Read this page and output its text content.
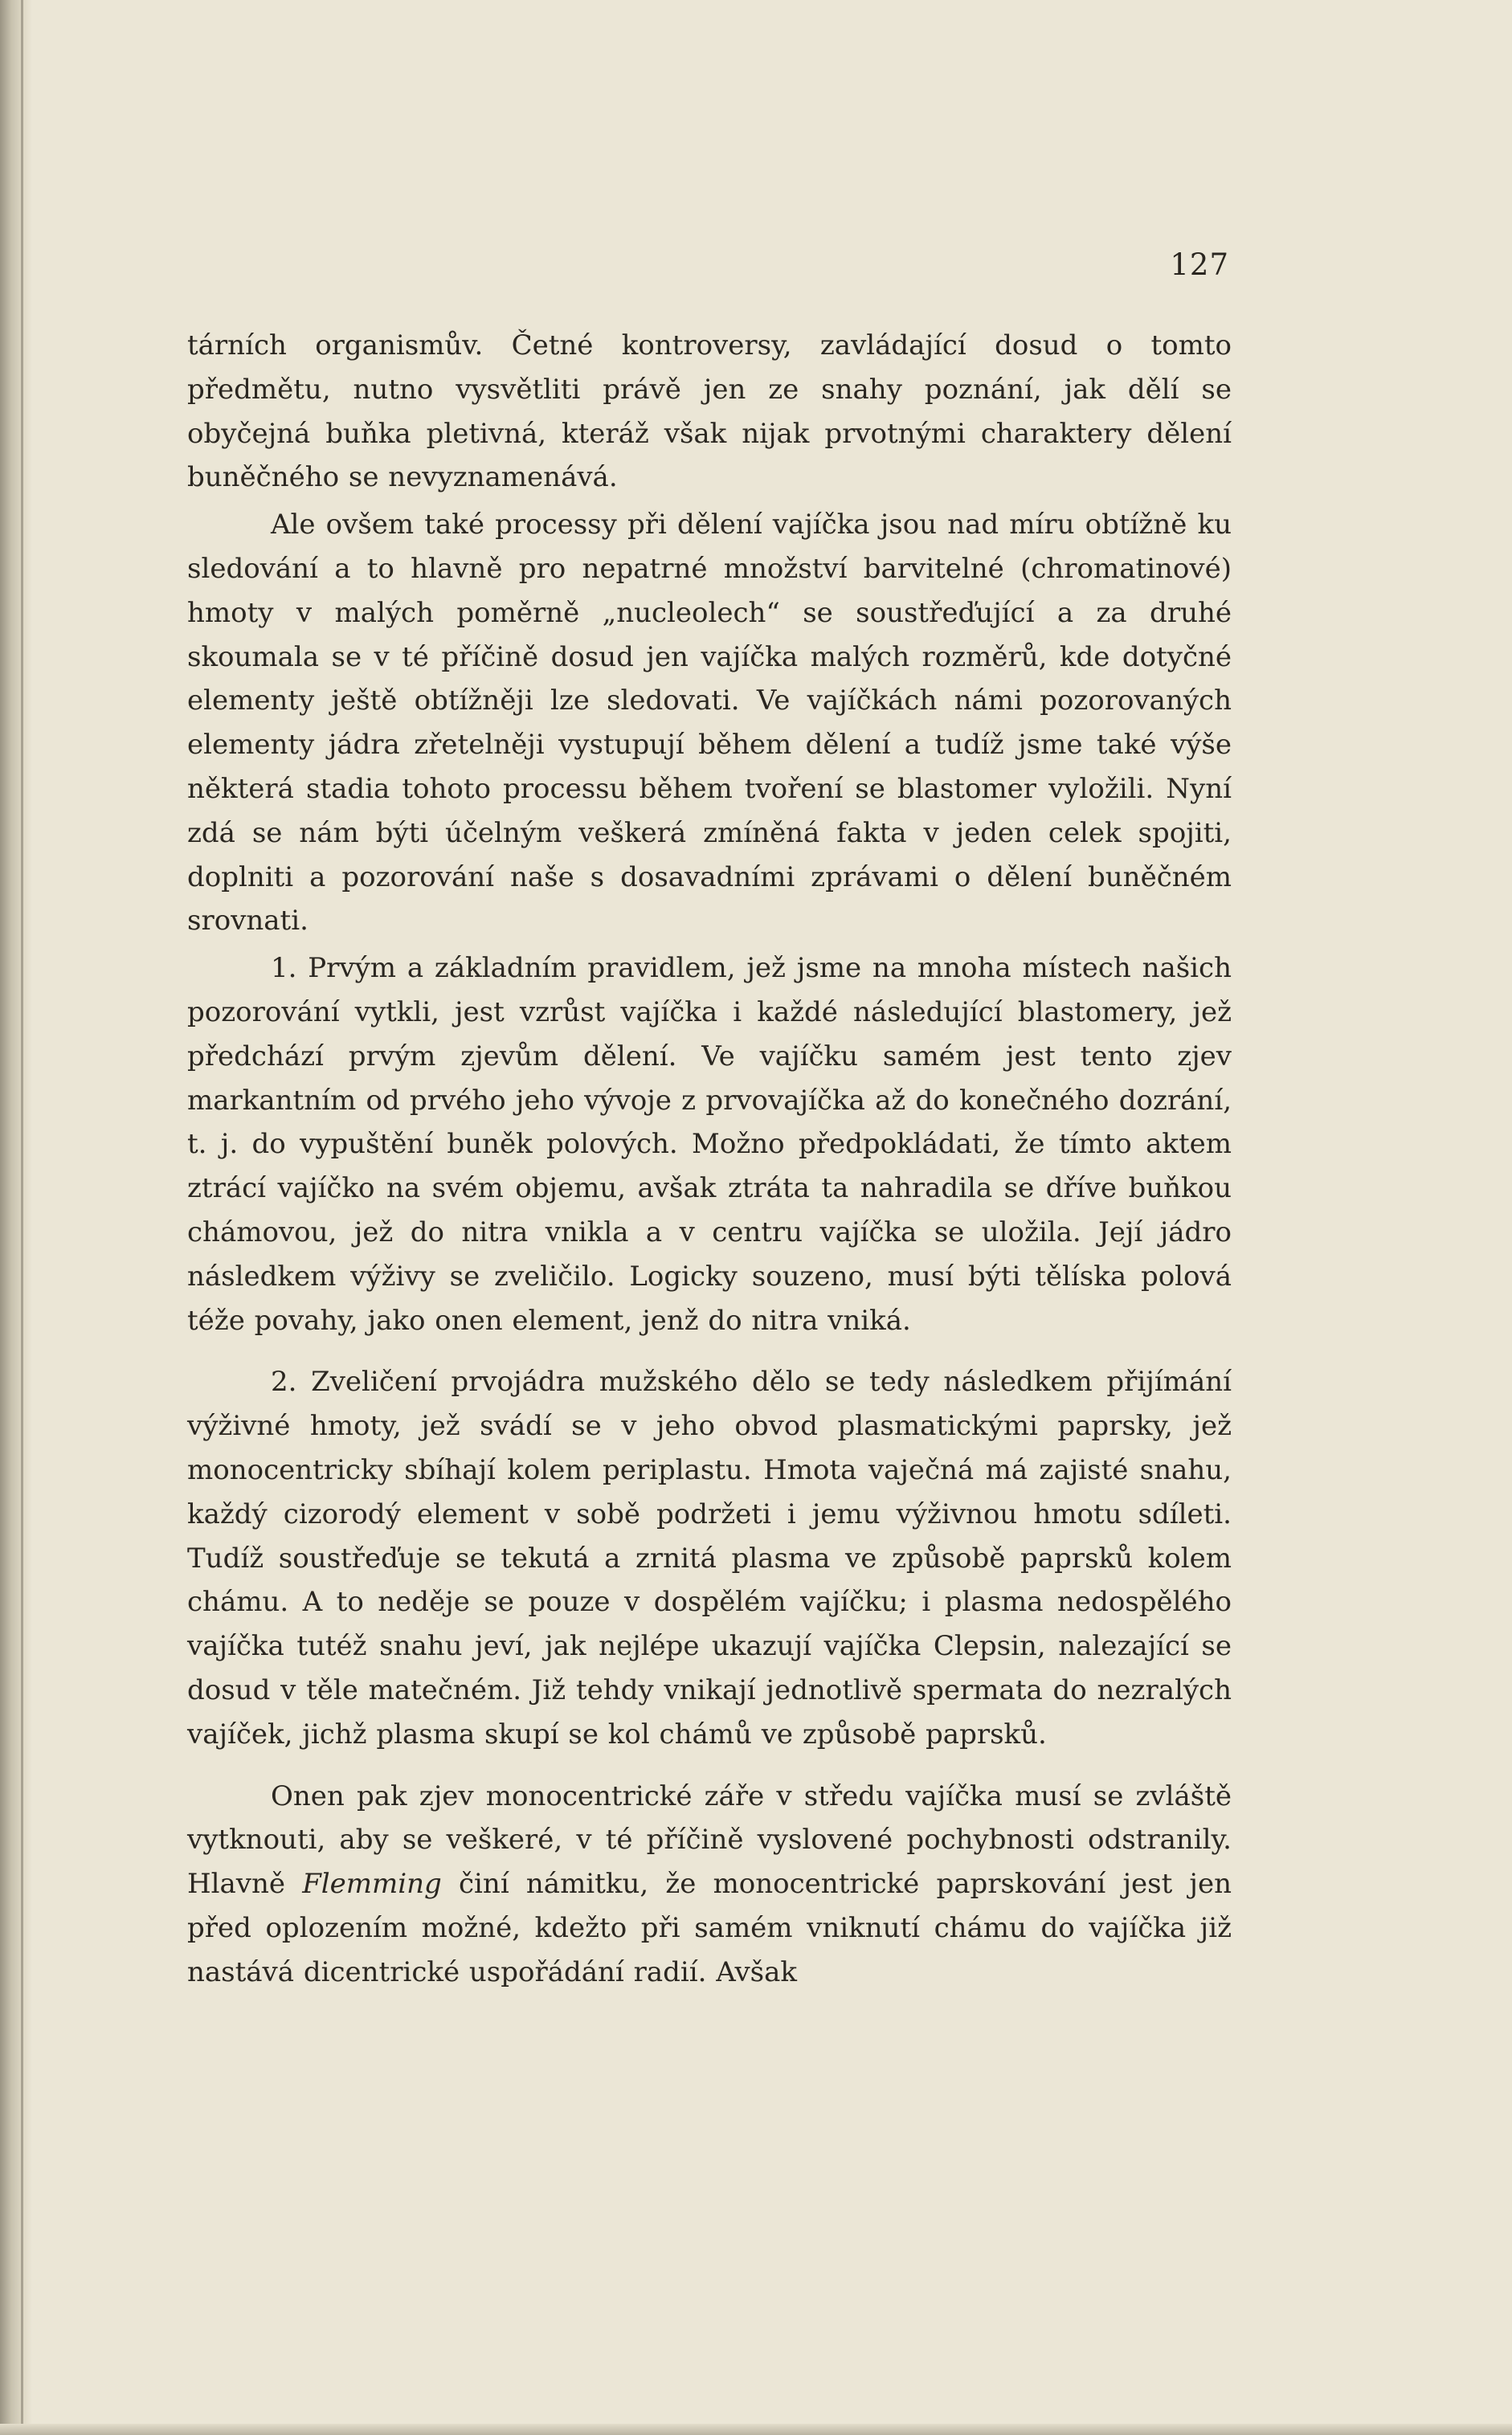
127

tárních organismův. Četné kontroversy, zavládající dosud o tomto předmětu, nutno vysvětliti právě jen ze snahy poznání, jak dělí se obyčejná buňka pletivná, kteráž však nijak prvotnými charaktery dělení buněčného se nevyznamenává.

Ale ovšem také processy při dělení vajíčka jsou nad míru obtížně ku sledování a to hlavně pro nepatrné množství barvitelné (chromatinové) hmoty v malých poměrně „nucleolech“ se soustřeďující a za druhé skoumala se v té příčině dosud jen vajíčka malých rozměrů, kde dotyčné elementy ještě obtížněji lze sledovati. Ve vajíčkách námi pozorovaných elementy jádra zřetelněji vystupují během dělení a tudíž jsme také výše některá stadia tohoto processu během tvoření se blastomer vyložili. Nyní zdá se nám býti účelným veškerá zmíněná fakta v jeden celek spojiti, doplniti a pozorování naše s dosavadními zprávami o dělení buněčném srovnati.

1. Prvým a základním pravidlem, jež jsme na mnoha místech našich pozorování vytkli, jest vzrůst vajíčka i každé následující blastomery, jež předchází prvým zjevům dělení. Ve vajíčku samém jest tento zjev markantním od prvého jeho vývoje z prvovajíčka až do konečného dozrání, t. j. do vypuštění buněk polových. Možno předpokládati, že tímto aktem ztrácí vajíčko na svém objemu, avšak ztráta ta nahradila se dříve buňkou chámovou, jež do nitra vnikla a v centru vajíčka se uložila. Její jádro následkem výživy se zveličilo. Logicky souzeno, musí býti tělíska polová téže povahy, jako onen element, jenž do nitra vniká.

2. Zveličení prvojádra mužského dělo se tedy následkem přijímání výživné hmoty, jež svádí se v jeho obvod plasmatickými paprsky, jež monocentricky sbíhají kolem periplastu. Hmota vaječná má zajisté snahu, každý cizorodý element v sobě podržeti i jemu výživnou hmotu sdíleti. Tudíž soustřeďuje se tekutá a zrnitá plasma ve způsobě paprsků kolem chámu. A to neděje se pouze v dospělém vajíčku; i plasma nedospělého vajíčka tutéž snahu jeví, jak nejlépe ukazují vajíčka Clepsin, nalezající se dosud v těle matečném. Již tehdy vnikají jednotlivě spermata do nezralých vajíček, jichž plasma skupí se kol chámů ve způsobě paprsků.

Onen pak zjev monocentrické záře v středu vajíčka musí se zvláště vytknouti, aby se veškeré, v té příčině vyslovené pochybnosti odstranily. Hlavně Flemming činí námitku, že monocentrické paprskování jest jen před oplozením možné, kdežto při samém vniknutí chámu do vajíčka již nastává dicentrické uspořádání radií. Avšak
